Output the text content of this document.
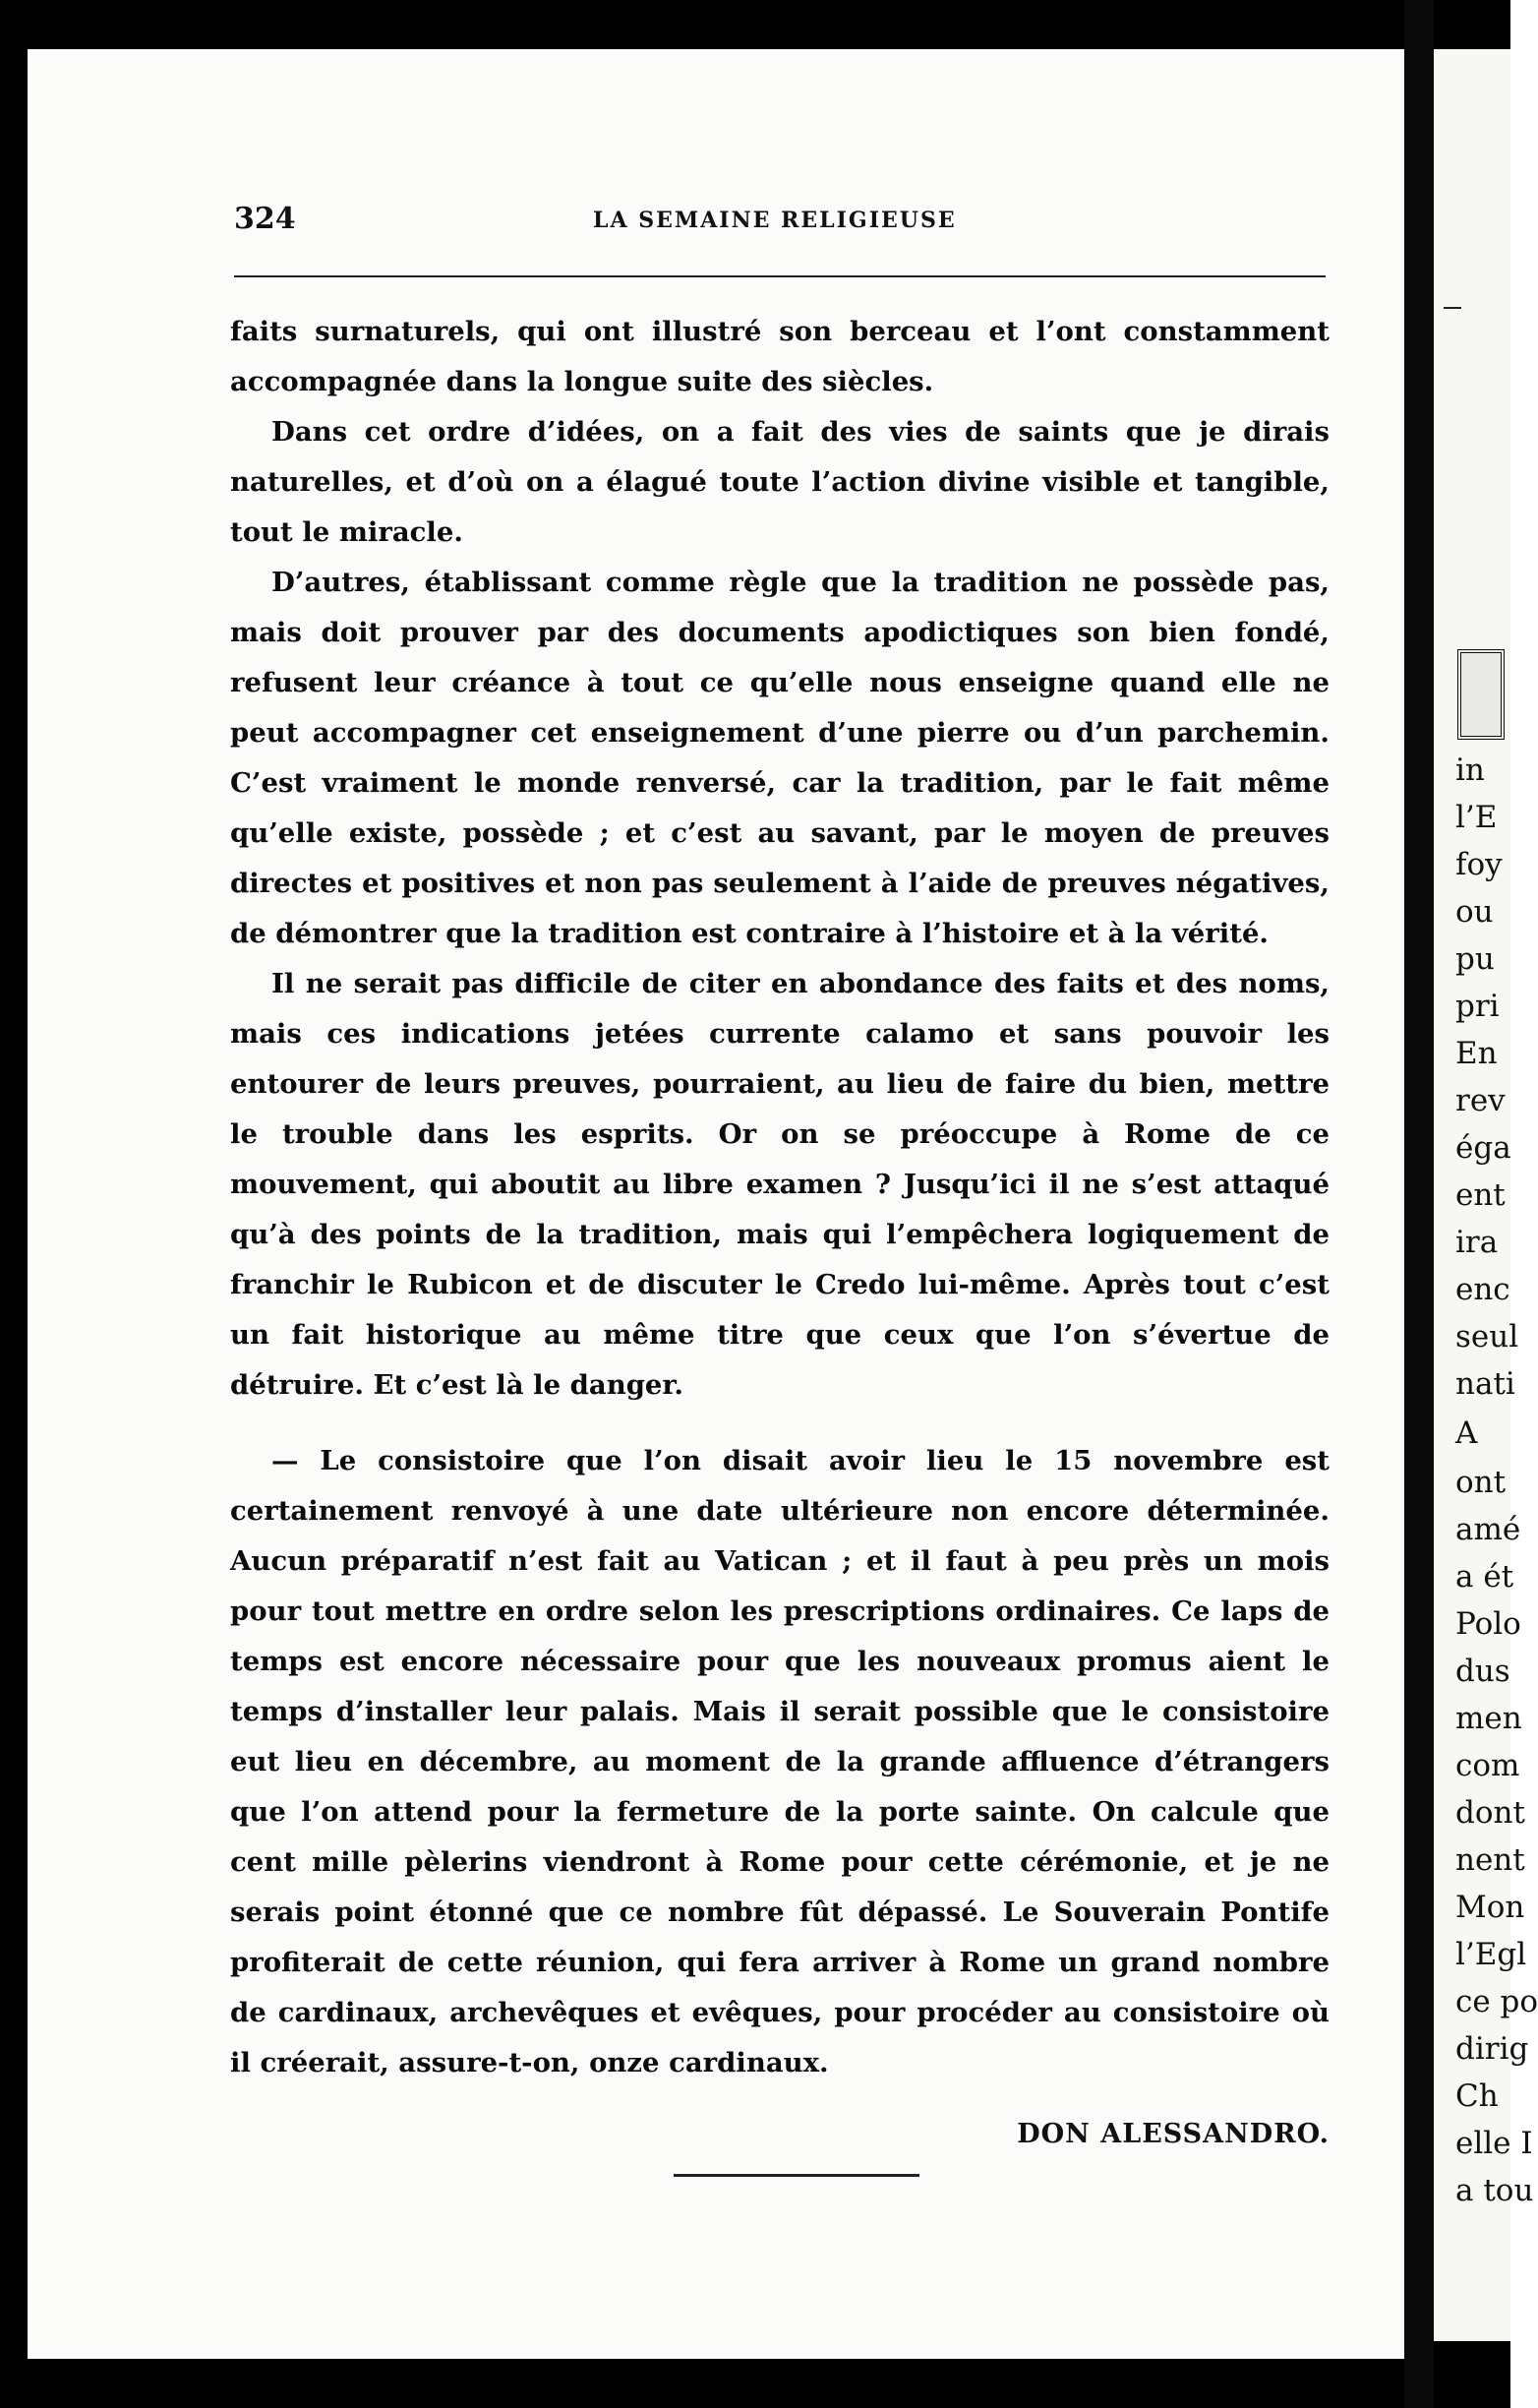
324	LA SEMAINE RELIGIEUSE

faits surnaturels, qui ont illustré son berceau et l’ont constamment accompagnée dans la longue suite des siècles.

Dans cet ordre d’idées, on a fait des vies de saints que je dirais naturelles, et d’où on a élagué toute l’action divine visible et tangible, tout le miracle.

D’autres, établissant comme règle que la tradition ne possède pas, mais doit prouver par des documents apodictiques son bien fondé, refusent leur créance à tout ce qu’elle nous enseigne quand elle ne peut accompagner cet enseignement d’une pierre ou d’un parchemin. C’est vraiment le monde renversé, car la tradition, par le fait même qu’elle existe, possède ; et c’est au savant, par le moyen de preuves directes et positives et non pas seulement à l’aide de preuves négatives, de démontrer que la tradition est contraire à l’histoire et à la vérité.

Il ne serait pas difficile de citer en abondance des faits et des noms, mais ces indications jetées currente calamo et sans pouvoir les entourer de leurs preuves, pourraient, au lieu de faire du bien, mettre le trouble dans les esprits. Or on se préoccupe à Rome de ce mouvement, qui aboutit au libre examen ? Jusqu’ici il ne s’est attaqué qu’à des points de la tradition, mais qui l’empêchera logiquement de franchir le Rubicon et de discuter le Credo lui-même. Après tout c’est un fait historique au même titre que ceux que l’on s’évertue de détruire. Et c’est là le danger.

— Le consistoire que l’on disait avoir lieu le 15 novembre est certainement renvoyé à une date ultérieure non encore déterminée. Aucun préparatif n’est fait au Vatican ; et il faut à peu près un mois pour tout mettre en ordre selon les prescriptions ordinaires. Ce laps de temps est encore nécessaire pour que les nouveaux promus aient le temps d’installer leur palais. Mais il serait possible que le consistoire eut lieu en décembre, au moment de la grande affluence d’étrangers que l’on attend pour la fermeture de la porte sainte. On calcule que cent mille pèlerins viendront à Rome pour cette cérémonie, et je ne serais point étonné que ce nombre fût dépassé. Le Souverain Pontife profiterait de cette réunion, qui fera arriver à Rome un grand nombre de cardinaux, archevêques et evêques, pour procéder au consistoire où il créerait, assure-t-on, onze cardinaux.

DON ALESSANDRO.
in
l’E
foy
ou
pu
pri
En
rev
éga
ent
ira
enc
seul
nati
A
ont
amé
a ét
Polo
dus
men
com
dont
nent
Mon
l’Egl
ce po
dirig
Ch
elle I
a tou
